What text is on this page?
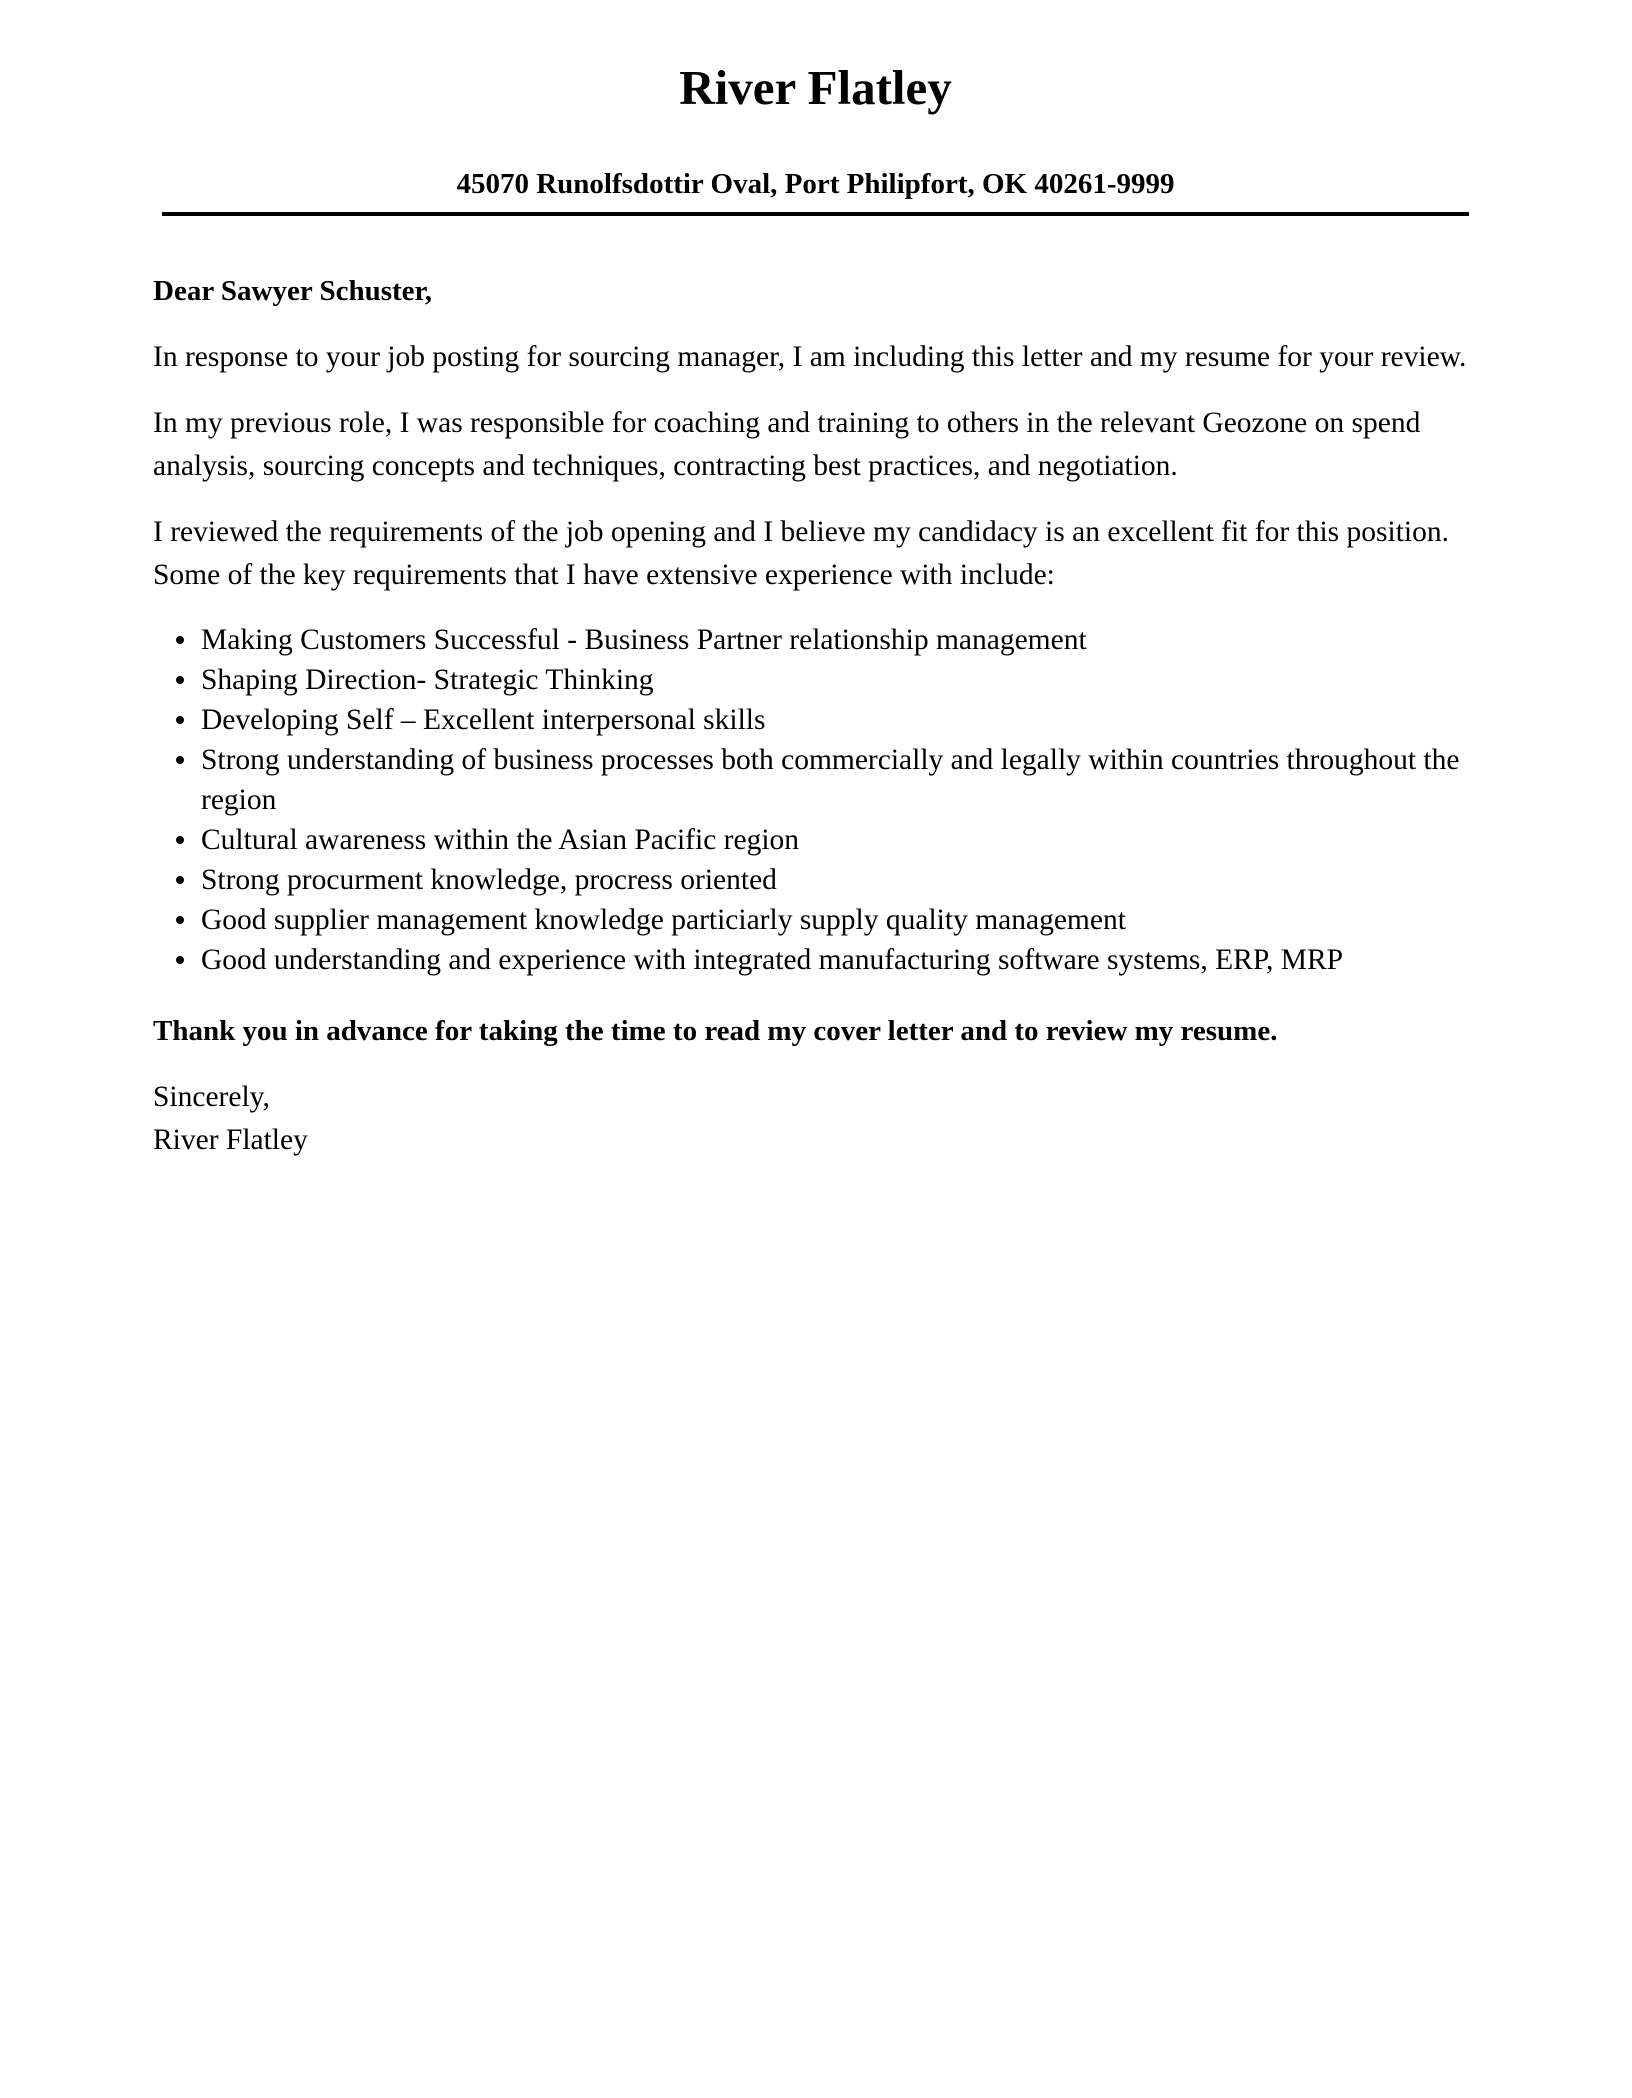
River Flatley

45070 Runolfsdottir Oval, Port Philipfort, OK 40261-9999

Dear Sawyer Schuster,

In response to your job posting for sourcing manager, I am including this letter and my resume for your review.

In my previous role, I was responsible for coaching and training to others in the relevant Geozone on spend analysis, sourcing concepts and techniques, contracting best practices, and negotiation.

I reviewed the requirements of the job opening and I believe my candidacy is an excellent fit for this position. Some of the key requirements that I have extensive experience with include:

Making Customers Successful - Business Partner relationship management
Shaping Direction- Strategic Thinking
Developing Self – Excellent interpersonal skills
Strong understanding of business processes both commercially and legally within countries throughout the region
Cultural awareness within the Asian Pacific region
Strong procurment knowledge, procress oriented
Good supplier management knowledge particiarly supply quality management
Good understanding and experience with integrated manufacturing software systems, ERP, MRP

Thank you in advance for taking the time to read my cover letter and to review my resume.

Sincerely,

River Flatley
